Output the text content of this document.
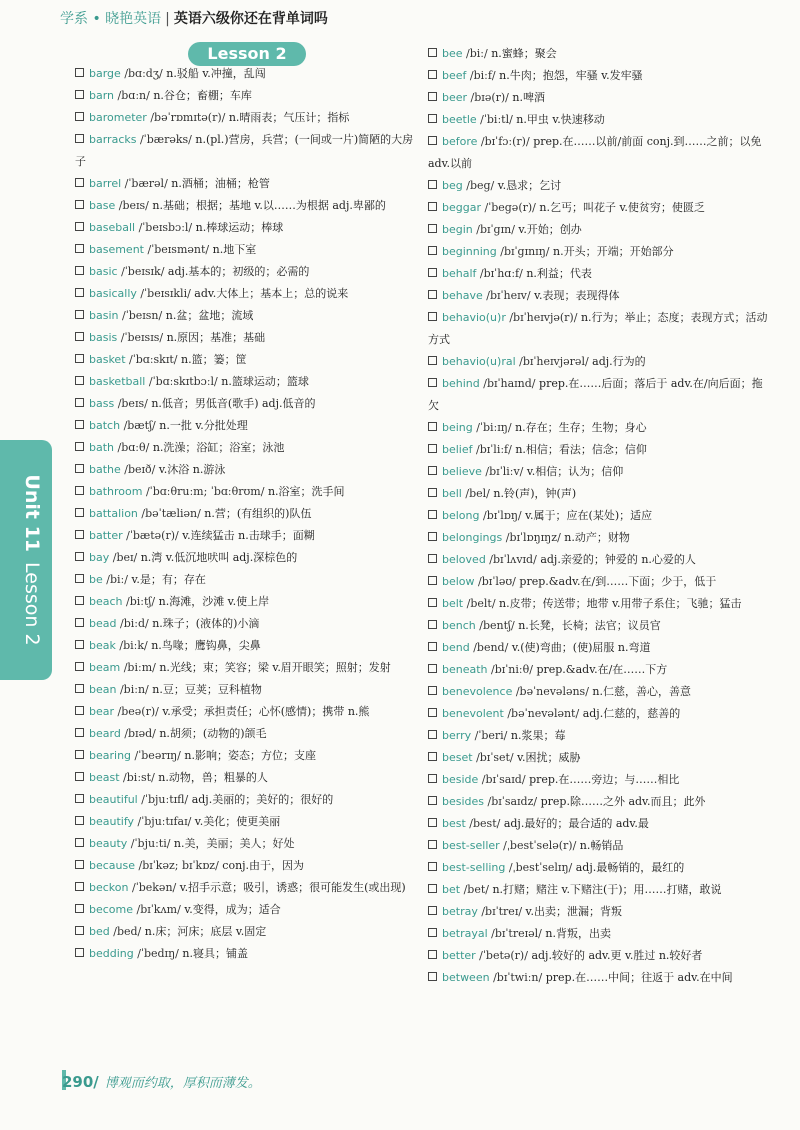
学系 • 晓艳英语 | 英语六级你还在背单词吗
Lesson 2
Unit 11Lesson 2
barge /bɑːdʒ/ n.驳船 v.冲撞，乱闯
barn /bɑːn/ n.谷仓；畜棚；车库
barometer /bəˈrɒmɪtə(r)/ n.晴雨表；气压计；指标
barracks /ˈbærəks/ n.(pl.)营房，兵营；(一间或一片)简陋的大房子
barrel /ˈbærəl/ n.酒桶；油桶；枪管
base /beɪs/ n.基础；根据；基地 v.以……为根据 adj.卑鄙的
baseball /ˈbeɪsbɔːl/ n.棒球运动；棒球
basement /ˈbeɪsmənt/ n.地下室
basic /ˈbeɪsɪk/ adj.基本的；初级的；必需的
basically /ˈbeɪsɪkli/ adv.大体上；基本上；总的说来
basin /ˈbeɪsn/ n.盆；盆地；流域
basis /ˈbeɪsɪs/ n.原因；基准；基础
basket /ˈbɑːskɪt/ n.篮；篓；筐
basketball /ˈbɑːskɪtbɔːl/ n.篮球运动；篮球
bass /beɪs/ n.低音；男低音(歌手) adj.低音的
batch /bætʃ/ n.一批 v.分批处理
bath /bɑːθ/ n.洗澡；浴缸；浴室；泳池
bathe /beɪð/ v.沐浴 n.游泳
bathroom /ˈbɑːθruːm; ˈbɑːθrʊm/ n.浴室；洗手间
battalion /bəˈtæliən/ n.营；(有组织的)队伍
batter /ˈbætə(r)/ v.连续猛击 n.击球手；面糊
bay /beɪ/ n.湾 v.低沉地吠叫 adj.深棕色的
be /biː/ v.是；有；存在
beach /biːtʃ/ n.海滩，沙滩 v.使上岸
bead /biːd/ n.珠子；(液体的)小滴
beak /biːk/ n.鸟喙；鹰钩鼻，尖鼻
beam /biːm/ n.光线；束；笑容；梁 v.眉开眼笑；照射；发射
bean /biːn/ n.豆；豆荚；豆科植物
bear /beə(r)/ v.承受；承担责任；心怀(感情)；携带 n.熊
beard /bɪəd/ n.胡须；(动物的)颌毛
bearing /ˈbeərɪŋ/ n.影响；姿态；方位；支座
beast /biːst/ n.动物，兽；粗暴的人
beautiful /ˈbjuːtɪfl/ adj.美丽的；美好的；很好的
beautify /ˈbjuːtɪfaɪ/ v.美化；使更美丽
beauty /ˈbjuːti/ n.美，美丽；美人；好处
because /bɪˈkəz; bɪˈkɒz/ conj.由于，因为
beckon /ˈbekən/ v.招手示意；吸引，诱惑；很可能发生(或出现)
become /bɪˈkʌm/ v.变得，成为；适合
bed /bed/ n.床；河床；底层 v.固定
bedding /ˈbedɪŋ/ n.寝具；铺盖
bee /biː/ n.蜜蜂；聚会
beef /biːf/ n.牛肉；抱怨，牢骚 v.发牢骚
beer /bɪə(r)/ n.啤酒
beetle /ˈbiːtl/ n.甲虫 v.快速移动
before /bɪˈfɔː(r)/ prep.在……以前/前面 conj.到……之前；以免 adv.以前
beg /beg/ v.恳求；乞讨
beggar /ˈbegə(r)/ n.乞丐；叫花子 v.使贫穷；使匮乏
begin /bɪˈgɪn/ v.开始；创办
beginning /bɪˈgɪnɪŋ/ n.开头；开端；开始部分
behalf /bɪˈhɑːf/ n.利益；代表
behave /bɪˈheɪv/ v.表现；表现得体
behavio(u)r /bɪˈheɪvjə(r)/ n.行为；举止；态度；表现方式；活动方式
behavio(u)ral /bɪˈheɪvjərəl/ adj.行为的
behind /bɪˈhaɪnd/ prep.在……后面；落后于 adv.在/向后面；拖欠
being /ˈbiːɪŋ/ n.存在；生存；生物；身心
belief /bɪˈliːf/ n.相信；看法；信念；信仰
believe /bɪˈliːv/ v.相信；认为；信仰
bell /bel/ n.铃(声)，钟(声)
belong /bɪˈlɒŋ/ v.属于；应在(某处)；适应
belongings /bɪˈlɒŋɪŋz/ n.动产；财物
beloved /bɪˈlʌvɪd/ adj.亲爱的；钟爱的 n.心爱的人
below /bɪˈləʊ/ prep.&adv.在/到……下面；少于，低于
belt /belt/ n.皮带；传送带；地带 v.用带子系住；飞驰；猛击
bench /bentʃ/ n.长凳，长椅；法官；议员官
bend /bend/ v.(使)弯曲；(使)屈服 n.弯道
beneath /bɪˈniːθ/ prep.&adv.在/在……下方
benevolence /bəˈnevələns/ n.仁慈，善心，善意
benevolent /bəˈnevələnt/ adj.仁慈的，慈善的
berry /ˈberi/ n.浆果；莓
beset /bɪˈset/ v.困扰；威胁
beside /bɪˈsaɪd/ prep.在……旁边；与……相比
besides /bɪˈsaɪdz/ prep.除……之外 adv.而且；此外
best /best/ adj.最好的；最合适的 adv.最
best-seller /ˌbestˈselə(r)/ n.畅销品
best-selling /ˌbestˈselɪŋ/ adj.最畅销的，最红的
bet /bet/ n.打赌；赌注 v.下赌注(于)；用……打赌，敢说
betray /bɪˈtreɪ/ v.出卖；泄漏；背叛
betrayal /bɪˈtreɪəl/ n.背叛，出卖
better /ˈbetə(r)/ adj.较好的 adv.更 v.胜过 n.较好者
between /bɪˈtwiːn/ prep.在……中间；往返于 adv.在中间
290/ 博观而约取，厚积而薄发。
